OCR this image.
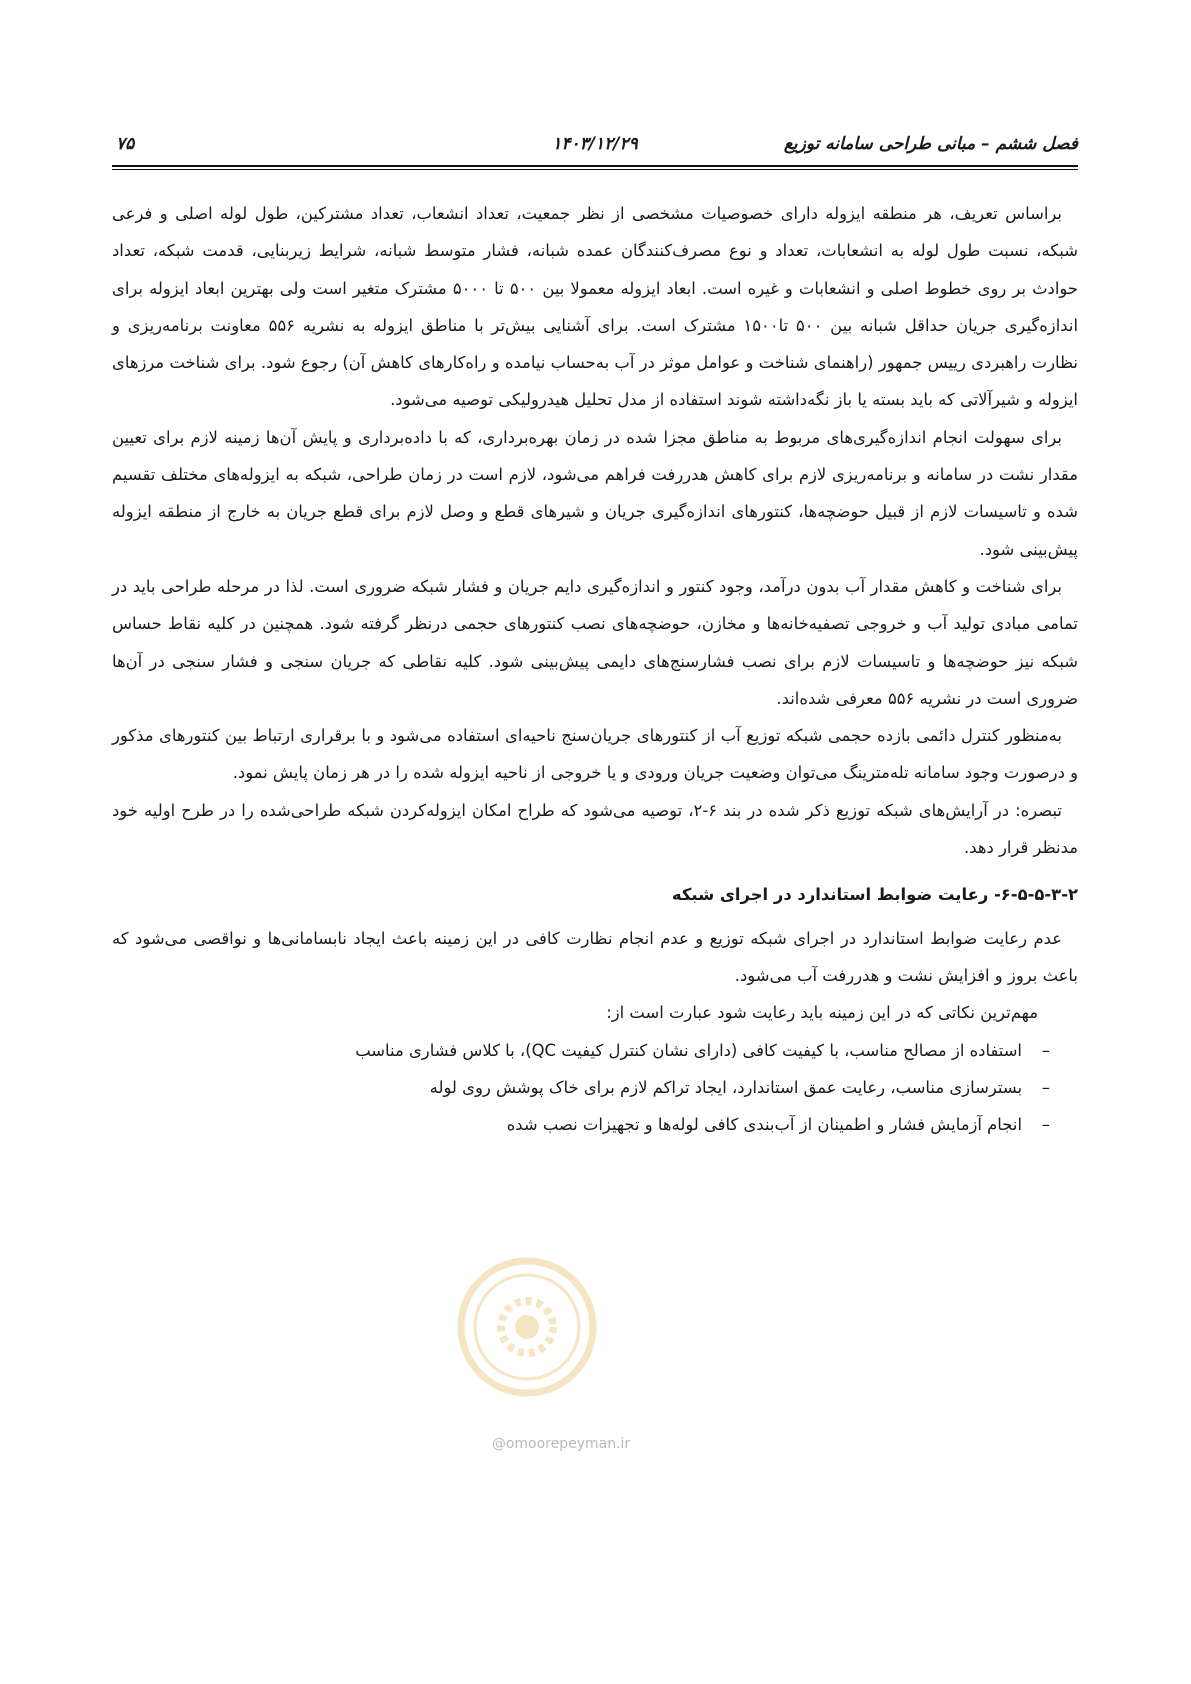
فصل ششم – مبانی طراحی سامانه توزیع
۱۴۰۳/۱۲/۲۹
۷۵

براساس تعریف، هر منطقه ایزوله دارای خصوصیات مشخصی از نظر جمعیت، تعداد انشعاب، تعداد مشترکین، طول لوله اصلی و فرعی شبکه، نسبت طول لوله به انشعابات، تعداد و نوع مصرف‌کنندگان عمده شبانه، فشار متوسط شبانه، شرایط زیربنایی، قدمت شبکه، تعداد حوادث بر روی خطوط اصلی و انشعابات و غیره است. ابعاد ایزوله معمولا بین ۵۰۰ تا ۵۰۰۰ مشترک متغیر است ولی بهترین ابعاد ایزوله برای اندازه‌گیری جریان حداقل شبانه بین ۵۰۰ تا۱۵۰۰ مشترک است. برای آشنایی بیش‌تر با مناطق ایزوله به نشریه ۵۵۶ معاونت برنامه‌ریزی و نظارت راهبردی رییس جمهور (راهنمای شناخت و عوامل موثر در آب به‌حساب نیامده و راه‌کارهای کاهش آن) رجوع شود. برای شناخت مرزهای ایزوله و شیرآلاتی که باید بسته یا باز نگه‌داشته شوند استفاده از مدل تحلیل هیدرولیکی توصیه می‌شود.

برای سهولت انجام اندازه‌گیری‌های مربوط به مناطق مجزا شده در زمان بهره‌برداری، که با داده‌برداری و پایش آن‌ها زمینه لازم برای تعیین مقدار نشت در سامانه و برنامه‌ریزی لازم برای کاهش هدررفت فراهم می‌شود، لازم است در زمان طراحی، شبکه به ایزوله‌های مختلف تقسیم شده و تاسیسات لازم از قبیل حوضچه‌ها، کنتورهای اندازه‌گیری جریان و شیرهای قطع و وصل لازم برای قطع جریان به خارج از منطقه ایزوله پیش‌بینی شود.

برای شناخت و کاهش مقدار آب بدون درآمد، وجود کنتور و اندازه‌گیری دایم جریان و فشار شبکه ضروری است. لذا در مرحله طراحی باید در تمامی مبادی تولید آب و خروجی تصفیه‌خانه‌ها و مخازن، حوضچه‌های نصب کنتورهای حجمی درنظر گرفته شود. همچنین در کلیه نقاط حساس شبکه نیز حوضچه‌ها و تاسیسات لازم برای نصب فشارسنج‌های دایمی پیش‌بینی شود. کلیه نقاطی که جریان سنجی و فشار سنجی در آن‌ها ضروری است در نشریه ۵۵۶ معرفی شده‌اند.

به‌منظور کنترل دائمی بازده حجمی شبکه توزیع آب از کنتورهای جریان‌سنج ناحیه‌ای استفاده می‌شود و با برقراری ارتباط بین کنتورهای مذکور و درصورت وجود سامانه تله‌مترینگ می‌توان وضعیت جریان ورودی و یا خروجی از ناحیه ایزوله شده را در هر زمان پایش نمود.

تبصره: در آرایش‌های شبکه توزیع ذکر شده در بند ۶-۲، توصیه می‌شود که طراح امکان ایزوله‌کردن شبکه طراحی‌شده را در طرح اولیه خود مدنظر قرار دهد.

۶-۵-۵-۳-۲- رعایت ضوابط استاندارد در اجرای شبکه

عدم رعایت ضوابط استاندارد در اجرای شبکه توزیع و عدم انجام نظارت کافی در این زمینه باعث ایجاد نابسامانی‌ها و نواقصی می‌شود که باعث بروز و افزایش نشت و هدررفت آب می‌شود.

مهم‌ترین نکاتی که در این زمینه باید رعایت شود عبارت است از:

–
استفاده از مصالح مناسب، با کیفیت کافی (دارای نشان کنترل کیفیت QC)، با کلاس فشاری مناسب
–
بسترسازی مناسب، رعایت عمق استاندارد، ایجاد تراکم لازم برای خاک پوشش روی لوله
–
انجام آزمایش فشار و اطمینان از آب‌بندی کافی لوله‌ها و تجهیزات نصب شده
@omoorepeyman.ir
